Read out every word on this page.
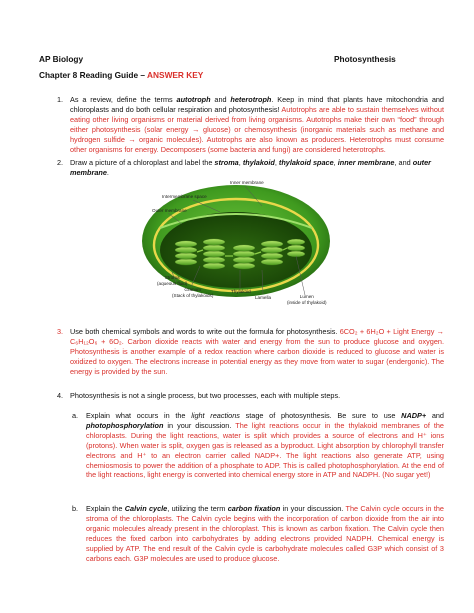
AP Biology	Photosynthesis
Chapter 8 Reading Guide – ANSWER KEY
1. As a review, define the terms autotroph and heterotroph. Keep in mind that plants have mitochondria and chloroplasts and do both cellular respiration and photosynthesis! Autotrophs are able to sustain themselves without eating other living organisms or material derived from living organisms. Autotrophs make their own “food” through either photosynthesis (solar energy → glucose) or chemosynthesis (inorganic materials such as methane and hydrogen sulfide → organic molecules). Autotrophs are also known as producers. Heterotrophs must consume other organisms for energy. Decomposers (some bacteria and fungi) are considered heterotrophs.
2. Draw a picture of a chloroplast and label the stroma, thylakoid, thylakoid space, inner membrane, and outer membrane.
Inner membrane
Intermembrane space
Outer membrane
Stroma
(aqueous fluid)
Granum
(Stack of thylakoids)
Thylakoid
Lamella	Lumen
(inside of thylakoid)
3. Use both chemical symbols and words to write out the formula for photosynthesis. 6CO₂ + 6H₂O + Light Energy → C₆H₁₂O₆ + 6O₂. Carbon dioxide reacts with water and energy from the sun to produce glucose and oxygen. Photosynthesis is another example of a redox reaction where carbon dioxide is reduced to glucose and water is oxidized to oxygen. The electrons increase in potential energy as they move from water to sugar (endergonic). The energy is provided by the sun.
4. Photosynthesis is not a single process, but two processes, each with multiple steps.
a. Explain what occurs in the light reactions stage of photosynthesis. Be sure to use NADP+ and photophosphorylation in your discussion. The light reactions occur in the thylakoid membranes of the chloroplasts. During the light reactions, water is split which provides a source of electrons and H⁺ ions (protons). When water is split, oxygen gas is released as a byproduct. Light absorption by chlorophyll transfer electrons and H⁺ to an electron carrier called NADP+. The light reactions also generate ATP, using chemiosmosis to power the addition of a phosphate to ADP. This is called photophosphorylation. At the end of the light reactions, light energy is converted into chemical energy store in ATP and NADPH. (No sugar yet!)
b. Explain the Calvin cycle, utilizing the term carbon fixation in your discussion. The Calvin cycle occurs in the stroma of the chloroplasts. The Calvin cycle begins with the incorporation of carbon dioxide from the air into organic molecules already present in the chloroplast. This is known as carbon fixation. The Calvin cycle then reduces the fixed carbon into carbohydrates by adding electrons provided NADPH. Chemical energy is supplied by ATP. The end result of the Calvin cycle is carbohydrate molecules called G3P which consist of 3 carbons each. G3P molecules are used to produce glucose.
